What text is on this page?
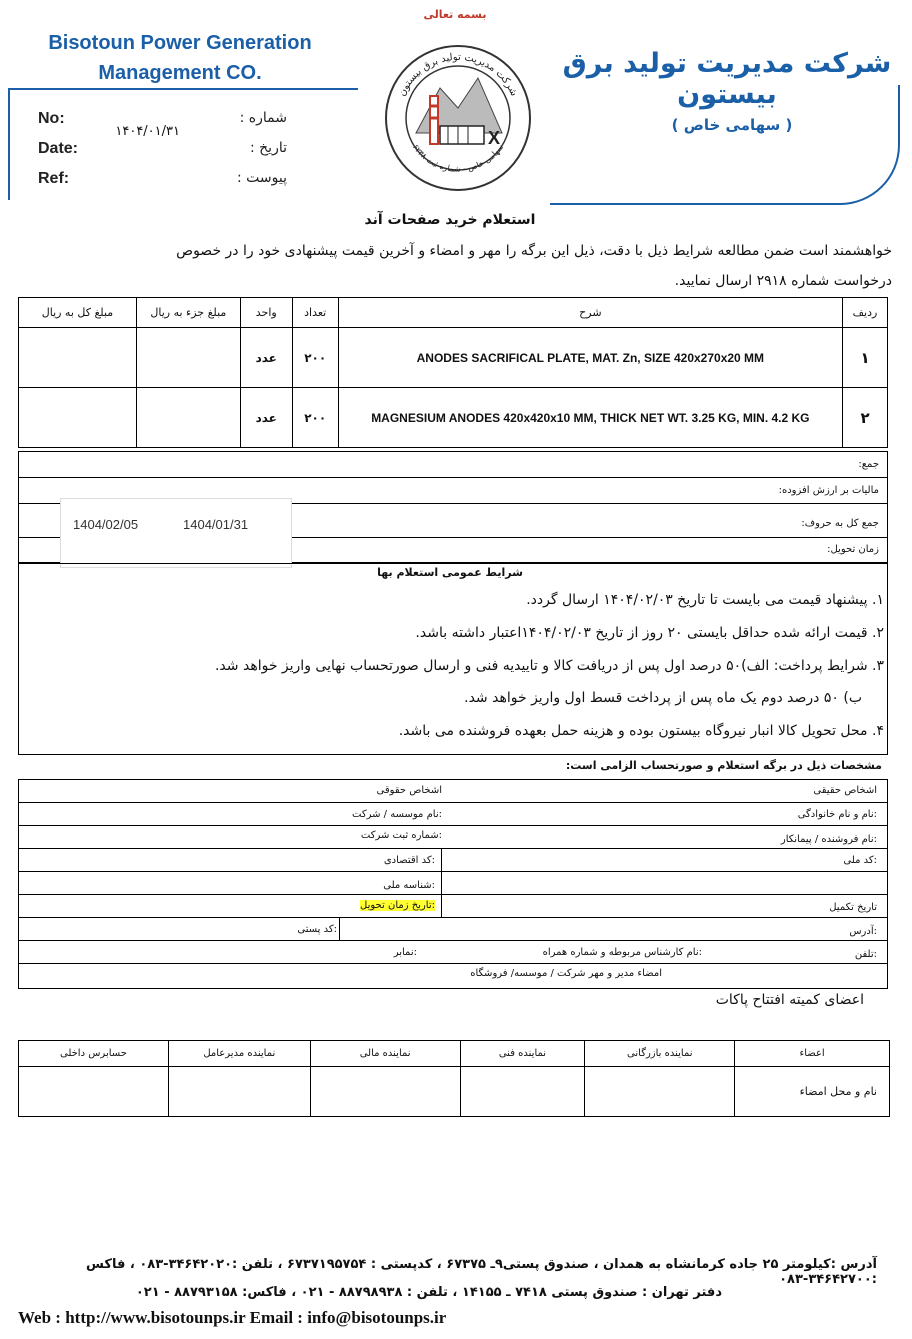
بسمه تعالی
Bisotoun Power Generation
Management CO.	شرکت مدیریت تولید برق بیستون
( سهامی خاص )
No:
Date:
Ref:
شماره :
تاریخ :
پیوست :
۱۴۰۴/۰۱/۳۱
شرکت مدیریت تولید برق بیستون
سهامی خاص - شماره ثبت ۶۲۳۸
X
استعلام خرید صفحات آند
خواهشمند است ضمن مطالعه شرایط ذیل با دقت، ذیل این برگه را مهر و امضاء و آخرین قیمت پیشنهادی خود را در خصوص
درخواست شماره ۲۹۱۸ ارسال نمایید.
ردیف	شرح	تعداد	واحد	مبلغ جزء به ریال	مبلغ کل به ریال
۱	ANODES SACRIFICAL PLATE, MAT. Zn, SIZE 420x270x20 MM	۲۰۰	عدد		
۲	MAGNESIUM ANODES 420x420x10 MM, THICK NET WT. 3.25 KG, MIN. 4.2 KG	۲۰۰	عدد		
جمع:
مالیات بر ارزش افزوده:
جمع کل به حروف:
زمان تحویل:
1404/02/05	1404/01/31
شرایط عمومی استعلام بها
۱. پیشنهاد قیمت می بایست تا تاریخ ۱۴۰۴/۰۲/۰۳ ارسال گردد.
۲. قیمت ارائه شده حداقل بایستی ۲۰ روز از تاریخ ۱۴۰۴/۰۲/۰۳اعتبار داشته باشد.
۳. شرایط پرداخت: الف)۵۰ درصد اول پس از دریافت کالا و تاییدیه فنی و ارسال صورتحساب نهایی واریز خواهد شد.
ب) ۵۰ درصد دوم یک ماه پس از پرداخت قسط اول واریز خواهد شد.
۴. محل تحویل کالا انبار نیروگاه بیستون بوده و هزینه حمل بعهده فروشنده می باشد.
مشخصات ذیل در برگه استعلام و صورتحساب الزامی است:
اشخاص حقیقی
اشخاص حقوقی
نام و نام خانوادگی:
نام موسسه / شرکت:
نام فروشنده / پیمانکار:
شماره ثبت شرکت:
کد ملی:
کد اقتصادی:
شناسه ملی:
تاریخ تکمیل
تاریخ زمان تحویل:
آدرس:
کد پستی:
تلفن:
نام کارشناس مربوطه و شماره همراه:
نمابر:
امضاء مدیر و مهر شرکت / موسسه/ فروشگاه
اعضای کمیته افتتاح پاکات
اعضاء	نماینده بازرگانی	نماینده فنی	نماینده مالی	نماینده مدیرعامل	حسابرس داخلی
نام و محل امضاء					
آدرس :کیلومتر ۲۵ جاده کرمانشاه به همدان ، صندوق پستی۹ـ ۶۷۳۷۵ ، کدپستی : ۶۷۳۷۱۹۵۷۵۴ ، تلفن :۳۴۶۴۲۰۲۰-۰۸۳ ، فاکس :۳۴۶۴۲۷۰۰-۰۸۳
دفتر تهران : صندوق پستی ۷۴۱۸ ـ ۱۴۱۵۵ ، تلفن : ۸۸۷۹۸۹۳۸ - ۰۲۱ ، فاکس: ۸۸۷۹۳۱۵۸ - ۰۲۱
Web : http://www.bisotounps.ir Email : info@bisotounps.ir
